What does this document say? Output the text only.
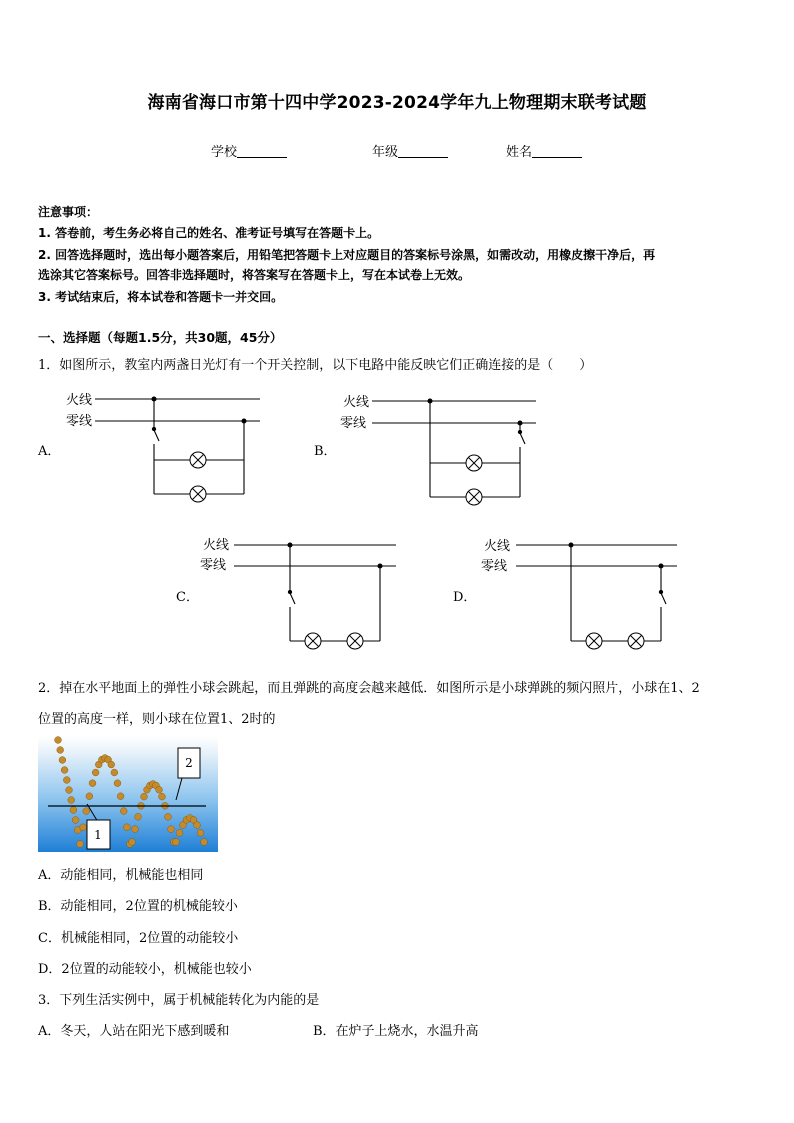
海南省海口市第十四中学2023-2024学年九上物理期末联考试题
学校	年级	姓名
注意事项：
1. 答卷前，考生务必将自己的姓名、准考证号填写在答题卡上。
2. 回答选择题时，选出每小题答案后，用铅笔把答题卡上对应题目的答案标号涂黑，如需改动，用橡皮擦干净后，再
选涂其它答案标号。回答非选择题时，将答案写在答题卡上，写在本试卷上无效。
3. 考试结束后，将本试卷和答题卡一并交回。
一、选择题（每题1.5分，共30题，45分）
1．如图所示，教室内两盏日光灯有一个开关控制，以下电路中能反映它们正确连接的是（　　）
火线
零线
A．
火线
零线
B．
火线
零线
C．
火线
零线
D．
2．掉在水平地面上的弹性小球会跳起，而且弹跳的高度会越来越低．如图所示是小球弹跳的频闪照片，小球在1、2
位置的高度一样，则小球在位置1、2时的
1
2
A．动能相同，机械能也相同
B．动能相同，2位置的机械能较小
C．机械能相同，2位置的动能较小
D．2位置的动能较小，机械能也较小
3．下列生活实例中，属于机械能转化为内能的是
A．冬天，人站在阳光下感到暖和	B．在炉子上烧水，水温升高
